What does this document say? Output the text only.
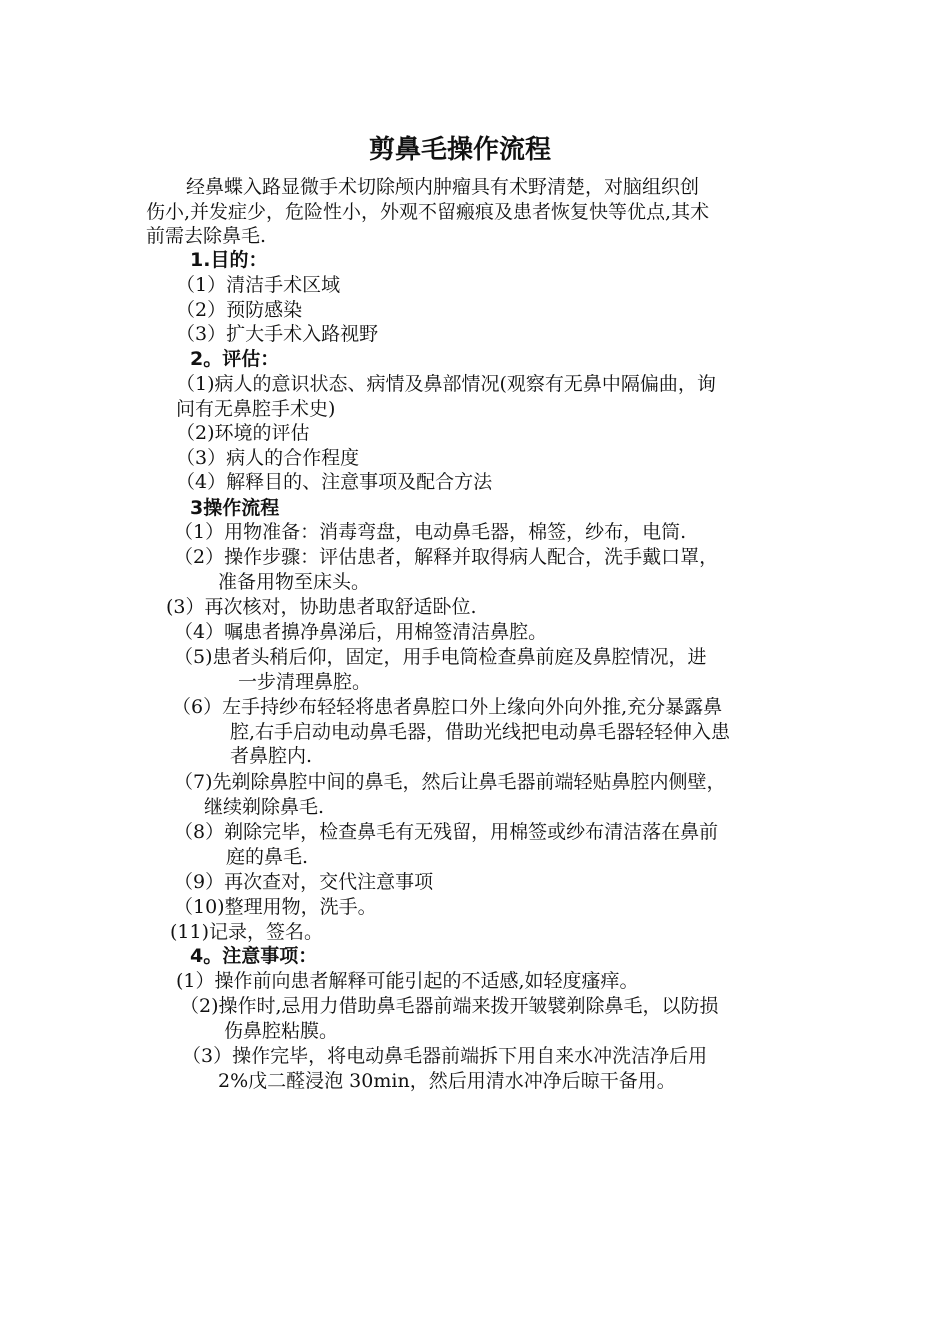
剪鼻毛操作流程
经鼻蝶入路显微手术切除颅内肿瘤具有术野清楚，对脑组织创
伤小,并发症少，危险性小，外观不留瘢痕及患者恢复快等优点,其术
前需去除鼻毛.
1.目的：
（1）清洁手术区域
（2）预防感染
（3）扩大手术入路视野
2。评估：
（1)病人的意识状态、病情及鼻部情况(观察有无鼻中隔偏曲，询
问有无鼻腔手术史)
（2)环境的评估
（3）病人的合作程度
（4）解释目的、注意事项及配合方法
3操作流程
（1）用物准备：消毒弯盘，电动鼻毛器，棉签，纱布，电筒.
（2）操作步骤：评估患者，解释并取得病人配合，洗手戴口罩，
准备用物至床头。
(3）再次核对，协助患者取舒适卧位.
（4）嘱患者擤净鼻涕后，用棉签清洁鼻腔。
（5)患者头稍后仰，固定，用手电筒检查鼻前庭及鼻腔情况，进
一步清理鼻腔。
（6）左手持纱布轻轻将患者鼻腔口外上缘向外向外推,充分暴露鼻
腔,右手启动电动鼻毛器，借助光线把电动鼻毛器轻轻伸入患
者鼻腔内.
（7)先剃除鼻腔中间的鼻毛，然后让鼻毛器前端轻贴鼻腔内侧壁，
继续剃除鼻毛.
（8）剃除完毕，检查鼻毛有无残留，用棉签或纱布清洁落在鼻前
庭的鼻毛.
（9）再次查对，交代注意事项
（10)整理用物，洗手。
(11)记录，签名。
4。注意事项：
(1）操作前向患者解释可能引起的不适感,如轻度瘙痒。
（2)操作时,忌用力借助鼻毛器前端来拨开皱襞剃除鼻毛，以防损
伤鼻腔粘膜。
（3）操作完毕，将电动鼻毛器前端拆下用自来水冲洗洁净后用
2%戊二醛浸泡 30min，然后用清水冲净后晾干备用。
